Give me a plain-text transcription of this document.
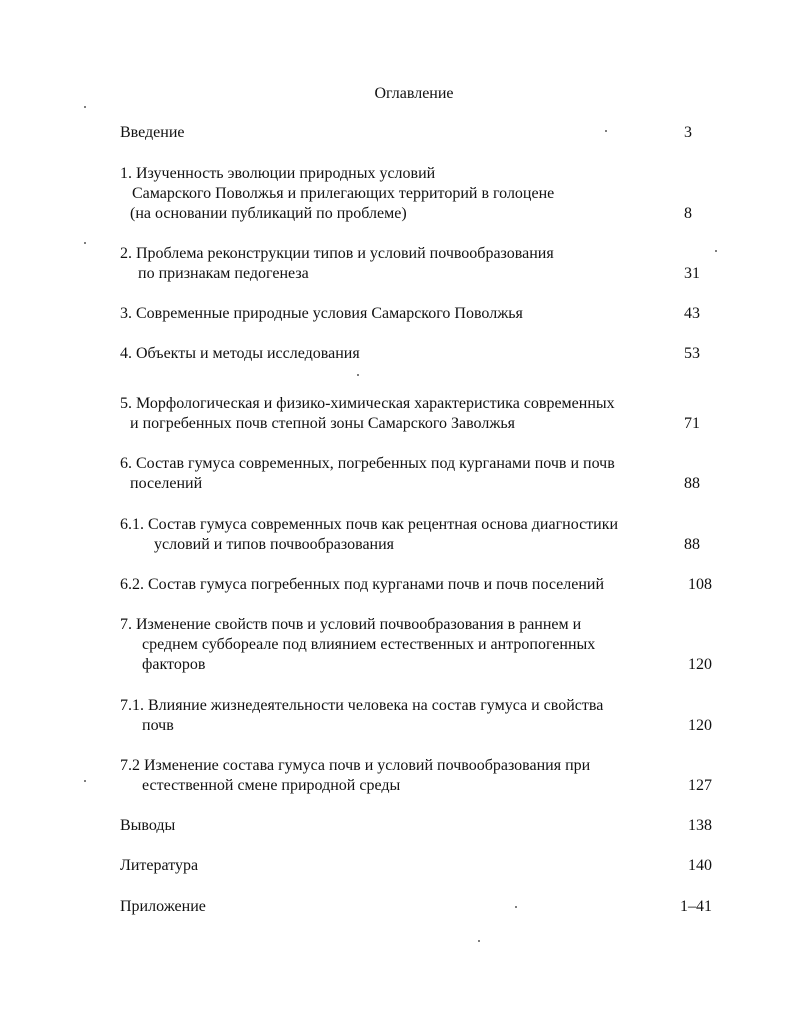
Оглавление
Введение	3
1. Изученность эволюции природных условий
Самарского Поволжья и прилегающих территорий в голоцене
(на основании публикаций по проблеме)	8
2. Проблема реконструкции типов и условий почвообразования
по признакам педогенеза	31
3. Современные природные условия Самарского Поволжья	43
4. Объекты и методы исследования	53
5. Морфологическая и физико-химическая характеристика современных
и погребенных почв степной зоны Самарского Заволжья	71
6. Состав гумуса современных, погребенных под курганами почв и почв
поселений	88
6.1. Состав гумуса современных почв как рецентная основа диагностики
условий и типов почвообразования	88
6.2. Состав гумуса погребенных под курганами почв и почв поселений	108
7. Изменение свойств почв и условий почвообразования в раннем и
среднем суббореале под влиянием естественных и антропогенных
факторов	120
7.1. Влияние жизнедеятельности человека на состав гумуса и свойства
почв	120
7.2 Изменение состава гумуса почв и условий почвообразования при
естественной смене природной среды	127
Выводы	138
Литература	140
Приложение	1–41
